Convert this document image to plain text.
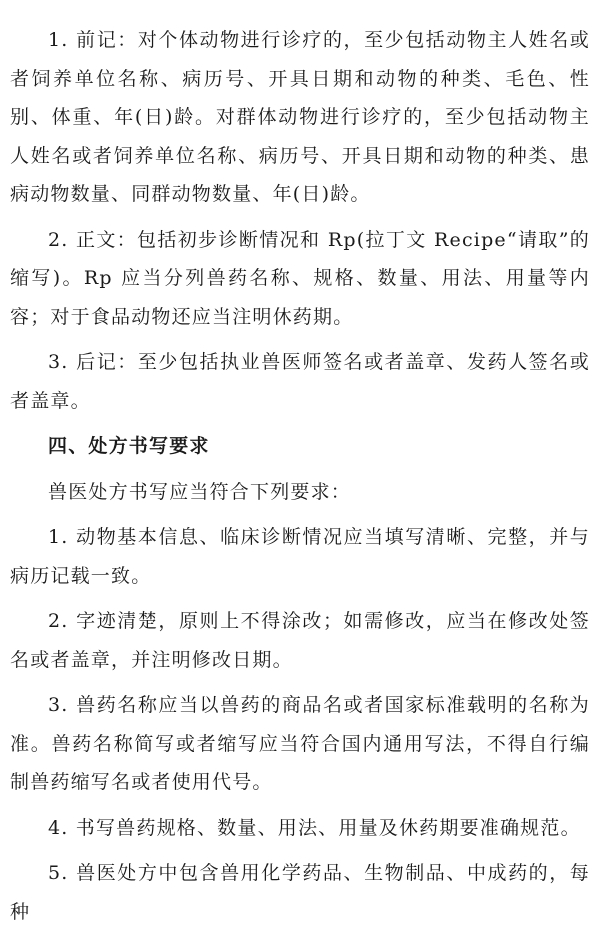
1. 前记：对个体动物进行诊疗的，至少包括动物主人姓名或者饲养单位名称、病历号、开具日期和动物的种类、毛色、性别、体重、年(日)龄。对群体动物进行诊疗的，至少包括动物主人姓名或者饲养单位名称、病历号、开具日期和动物的种类、患病动物数量、同群动物数量、年(日)龄。

2. 正文：包括初步诊断情况和 Rp(拉丁文 Recipe“请取”的缩写)。Rp 应当分列兽药名称、规格、数量、用法、用量等内容；对于食品动物还应当注明休药期。

3. 后记：至少包括执业兽医师签名或者盖章、发药人签名或者盖章。

四、处方书写要求

兽医处方书写应当符合下列要求：

1. 动物基本信息、临床诊断情况应当填写清晰、完整，并与病历记载一致。

2. 字迹清楚，原则上不得涂改；如需修改，应当在修改处签名或者盖章，并注明修改日期。

3. 兽药名称应当以兽药的商品名或者国家标准载明的名称为准。兽药名称简写或者缩写应当符合国内通用写法，不得自行编制兽药缩写名或者使用代号。

4. 书写兽药规格、数量、用法、用量及休药期要准确规范。

5. 兽医处方中包含兽用化学药品、生物制品、中成药的，每种
